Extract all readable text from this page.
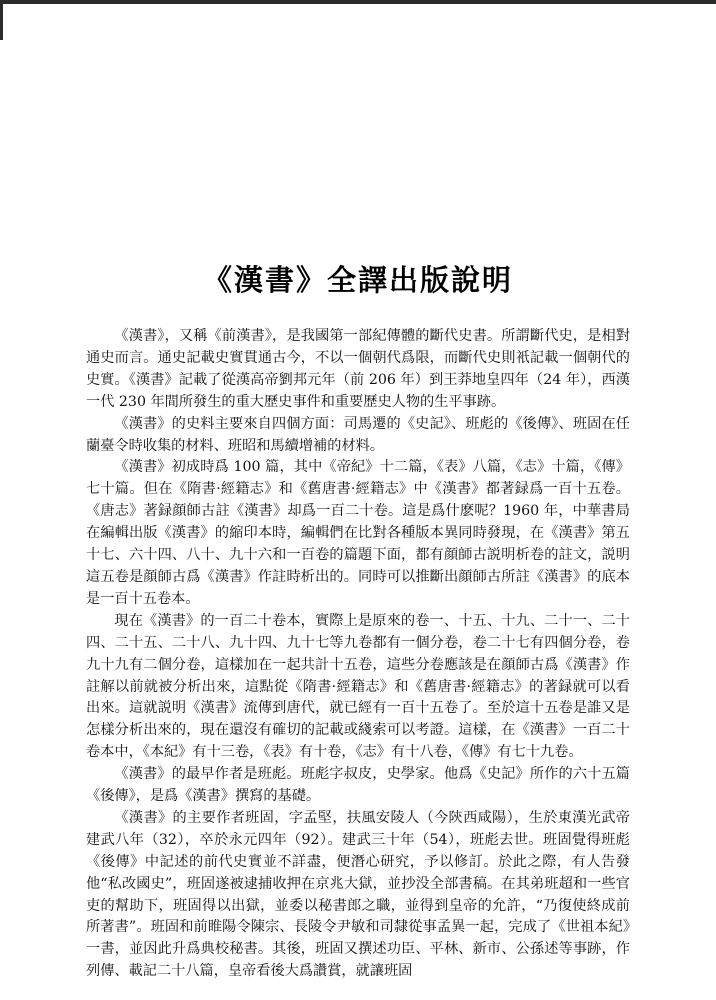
《漢書》全譯出版說明

《漢書》，又稱《前漢書》，是我國第一部紀傳體的斷代史書。所謂斷代史，是相對通史而言。通史記載史實貫通古今，不以一個朝代爲限，而斷代史則衹記載一個朝代的史實。《漢書》記載了從漢高帝劉邦元年（前 206 年）到王莽地皇四年（24 年），西漢一代 230 年間所發生的重大歷史事件和重要歷史人物的生平事跡。

《漢書》的史料主要來自四個方面：司馬遷的《史記》、班彪的《後傳》、班固在任蘭臺令時收集的材料、班昭和馬續增補的材料。

《漢書》初成時爲 100 篇，其中《帝紀》十二篇，《表》八篇，《志》十篇，《傳》七十篇。但在《隋書·經籍志》和《舊唐書·經籍志》中《漢書》都著録爲一百十五卷。《唐志》著録顔師古註《漢書》却爲一百二十卷。這是爲什麽呢？1960 年，中華書局在編輯出版《漢書》的縮印本時，編輯們在比對各種版本異同時發現，在《漢書》第五十七、六十四、八十、九十六和一百卷的篇題下面，都有顔師古説明析卷的註文，説明這五卷是顔師古爲《漢書》作註時析出的。同時可以推斷出顔師古所註《漢書》的底本是一百十五卷本。

現在《漢書》的一百二十卷本，實際上是原來的卷一、十五、十九、二十一、二十四、二十五、二十八、九十四、九十七等九卷都有一個分卷，卷二十七有四個分卷，卷九十九有二個分卷，這樣加在一起共計十五卷，這些分卷應該是在顔師古爲《漢書》作註解以前就被分析出來，這點從《隋書·經籍志》和《舊唐書·經籍志》的著録就可以看出來。這就説明《漢書》流傳到唐代，就已經有一百十五卷了。至於這十五卷是誰又是怎樣分析出來的，現在還沒有確切的記載或綫索可以考證。這樣，在《漢書》一百二十卷本中，《本紀》有十三卷，《表》有十卷，《志》有十八卷，《傳》有七十九卷。

《漢書》的最早作者是班彪。班彪字叔皮，史學家。他爲《史記》所作的六十五篇《後傳》，是爲《漢書》撰寫的基礎。

《漢書》的主要作者班固，字孟堅，扶風安陵人（今陝西咸陽），生於東漢光武帝建武八年（32），卒於永元四年（92）。建武三十年（54），班彪去世。班固覺得班彪《後傳》中記述的前代史實並不詳盡，便潛心研究，予以修訂。於此之際，有人告發他“私改國史”，班固遂被逮捕收押在京兆大獄，並抄没全部書稿。在其弟班超和一些官吏的幫助下，班固得以出獄，並委以秘書郎之職，並得到皇帝的允許，“乃復使終成前所著書”。班固和前睢陽令陳宗、長陵令尹敏和司隸從事孟異一起，完成了《世祖本紀》一書，並因此升爲典校秘書。其後，班固又撰述功臣、平林、新市、公孫述等事跡，作列傳、載記二十八篇，皇帝看後大爲讚賞，就讓班固
